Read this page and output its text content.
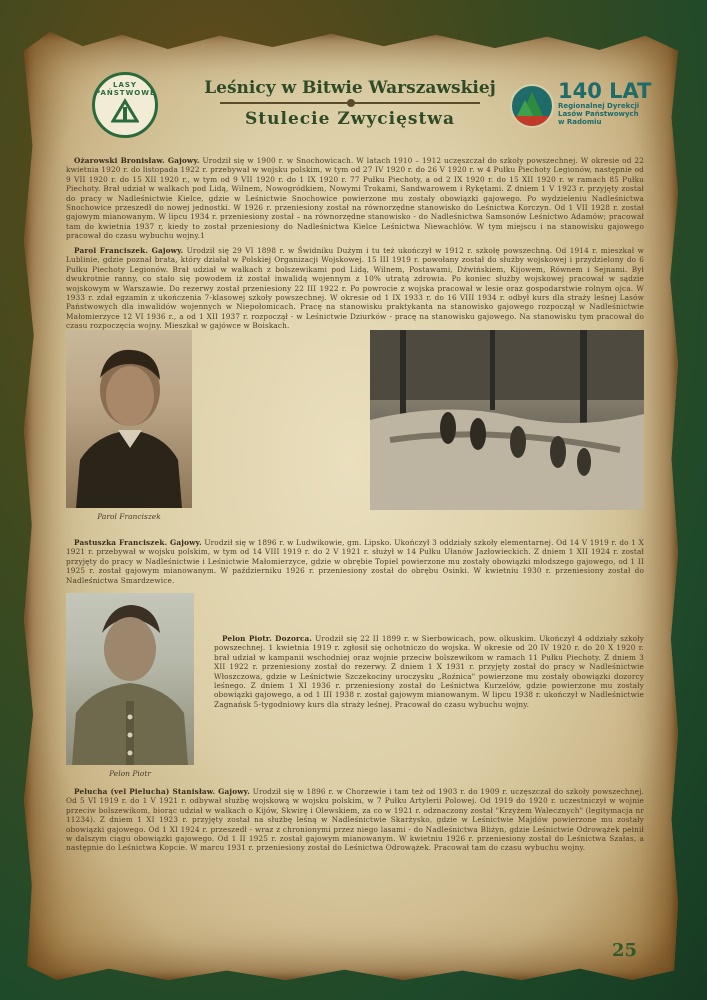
LASY PAŃSTWOWE	Leśnicy w Bitwie Warszawskiej
Stulecie Zwycięstwa
140 LAT
Regionalnej Dyrekcji
Lasów Państwowych
w Radomiu
Ożarowski Bronisław. Gajowy. Urodził się w 1900 r. w Snochowicach. W latach 1910 – 1912 uczęszczał do szkoły powszechnej. W okresie od 22 kwietnia 1920 r. do listopada 1922 r. przebywał w wojsku polskim, w tym od 27 IV 1920 r. do 26 V 1920 r. w 4 Pułku Piechoty Legionów, następnie od 9 VII 1920 r. do 15 XII 1920 r., w tym od 9 VII 1920 r. do 1 IX 1920 r. 77 Pułku Piechoty, a od 2 IX 1920 r. do 15 XII 1920 r. w ramach 85 Pułku Piechoty. Brał udział w walkach pod Lidą, Wilnem, Nowogródkiem, Nowymi Trokami, Sandwarowem i Rykętami. Z dniem 1 V 1923 r. przyjęty został do pracy w Nadleśnictwie Kielce, gdzie w Leśnictwie Snochowice powierzone mu zostały obowiązki gajowego. Po wydzieleniu Nadleśnictwa Snochowice przeszedł do nowej jednostki. W 1926 r. przeniesiony został na równorzędne stanowisko do Leśnictwa Korczyn. Od 1 VII 1928 r. został gajowym mianowanym. W lipcu 1934 r. przeniesiony został – na równorzędne stanowisko - do Nadleśnictwa Samsonów Leśnictwo Adamów; pracował tam do kwietnia 1937 r, kiedy to został przeniesiony do Nadleśnictwa Kielce Leśnictwa Niewachlów. W tym miejscu i na stanowisku gajowego pracował do czasu wybuchu wojny.1
Parol Franciszek. Gajowy. Urodził się 29 VI 1898 r. w Świdniku Dużym i tu też ukończył w 1912 r. szkołę powszechną. Od 1914 r. mieszkał w Lublinie, gdzie poznał brata, który działał w Polskiej Organizacji Wojskowej. 15 III 1919 r. powołany został do służby wojskowej i przydzielony do 6 Pułku Piechoty Legionów. Brał udział w walkach z bolszewikami pod Lidą, Wilnem, Postawami, Dźwińskiem, Kijowem, Równem i Sejnami. Był dwukrotnie ranny, co stało się powodem iż został inwalidą wojennym z 10% utratą zdrowia. Po koniec służby wojskowej pracował w sądzie wojskowym w Warszawie. Do rezerwy został przeniesiony 22 III 1922 r. Po powrocie z wojska pracował w lesie oraz gospodarstwie rolnym ojca. W 1933 r. zdał egzamin z ukończenia 7-klasowej szkoły powszechnej. W okresie od 1 IX 1933 r. do 16 VIII 1934 r. odbył kurs dla straży leśnej Lasów Państwowych dla inwalidów wojennych w Niepołomicach. Pracę na stanowisku praktykanta na stanowisko gajowego rozpoczął w Nadleśnictwie Małomierzyce 12 VI 1936 r., a od 1 XII 1937 r. rozpoczął - w Leśnictwie Dziurków - pracę na stanowisku gajowego. Na stanowisku tym pracował do czasu rozpoczęcia wojny. Mieszkał w gajówce w Boiskach.
Parol Franciszek
Pastuszka Franciszek. Gajowy. Urodził się w 1896 r. w Ludwikowie, gm. Lipsko. Ukończył 3 oddziały szkoły elementarnej. Od 14 V 1919 r. do 1 X 1921 r. przebywał w wojsku polskim, w tym od 14 VIII 1919 r. do 2 V 1921 r. służył w 14 Pułku Ułanów Jazłowieckich. Z dniem 1 XII 1924 r. został przyjęty do pracy w Nadleśnictwie i Leśnictwie Małomierzyce, gdzie w obrębie Topiel powierzone mu zostały obowiązki młodszego gajowego, od 1 II 1925 r. został gajowym mianowanym. W październiku 1926 r. przeniesiony został do obrębu Osinki. W kwietniu 1930 r. przeniesiony został do Nadleśnictwa Smardzewice.
Pelon Piotr
Pelon Piotr. Dozorca. Urodził się 22 II 1899 r. w Sierbowicach, pow. olkuskim. Ukończył 4 oddziały szkoły powszechnej. 1 kwietnia 1919 r. zgłosił się ochotniczo do wojska. W okresie od 20 IV 1920 r. do 20 X 1920 r. brał udział w kampanii wschodniej oraz wojnie przeciw bolszewikom w ramach 11 Pułku Piechoty. Z dniem 3 XII 1922 r. przeniesiony został do rezerwy. Z dniem 1 X 1931 r. przyjęty został do pracy w Nadleśnictwie Włoszczowa, gdzie w Leśnictwie Szczekociny uroczysku „Roźnica" powierzone mu zostały obowiązki dozorcy leśnego. Z dniem 1 XI 1936 r. przeniesiony został do Leśnictwa Kurzelów, gdzie powierzone mu zostały obowiązki gajowego, a od 1 III 1938 r. został gajowym mianowanym. W lipcu 1938 r. ukończył w Nadleśnictwie Zagnańsk 5-tygodniowy kurs dla straży leśnej. Pracował do czasu wybuchu wojny.
Pelucha (vel Pielucha) Stanisław. Gajowy. Urodził się w 1896 r. w Chorzewie i tam też od 1903 r. do 1909 r. uczęszczał do szkoły powszechnej. Od 5 VI 1919 r. do 1 V 1921 r. odbywał służbę wojskową w wojsku polskim, w 7 Pułku Artylerii Polowej. Od 1919 do 1920 r. uczestniczył w wojnie przeciw bolszewikom, biorąc udział w walkach o Kijów, Skwirę i Olewskiem, za co w 1921 r. odznaczony został "Krzyżem Walecznych" (legitymacja nr 11234). Z dniem 1 XI 1923 r. przyjęty został na służbę leśną w Nadleśnictwie Skarżysko, gdzie w Leśnictwie Majdów powierzone mu zostały obowiązki gajowego. Od 1 XI 1924 r. przeszedł - wraz z chronionymi przez niego lasami - do Nadleśnictwa Bliżyn, gdzie Leśnictwie Odrowążek pełnił w dalszym ciągu obowiązki gajowego. Od 1 II 1925 r. został gajowym mianowanym. W kwietniu 1926 r. przeniesiony został do Leśnictwa Szałas, a następnie do Leśnictwa Kopcie. W marcu 1931 r. przeniesiony został do Leśnictwa Odrowążek. Pracował tam do czasu wybuchu wojny.
25
